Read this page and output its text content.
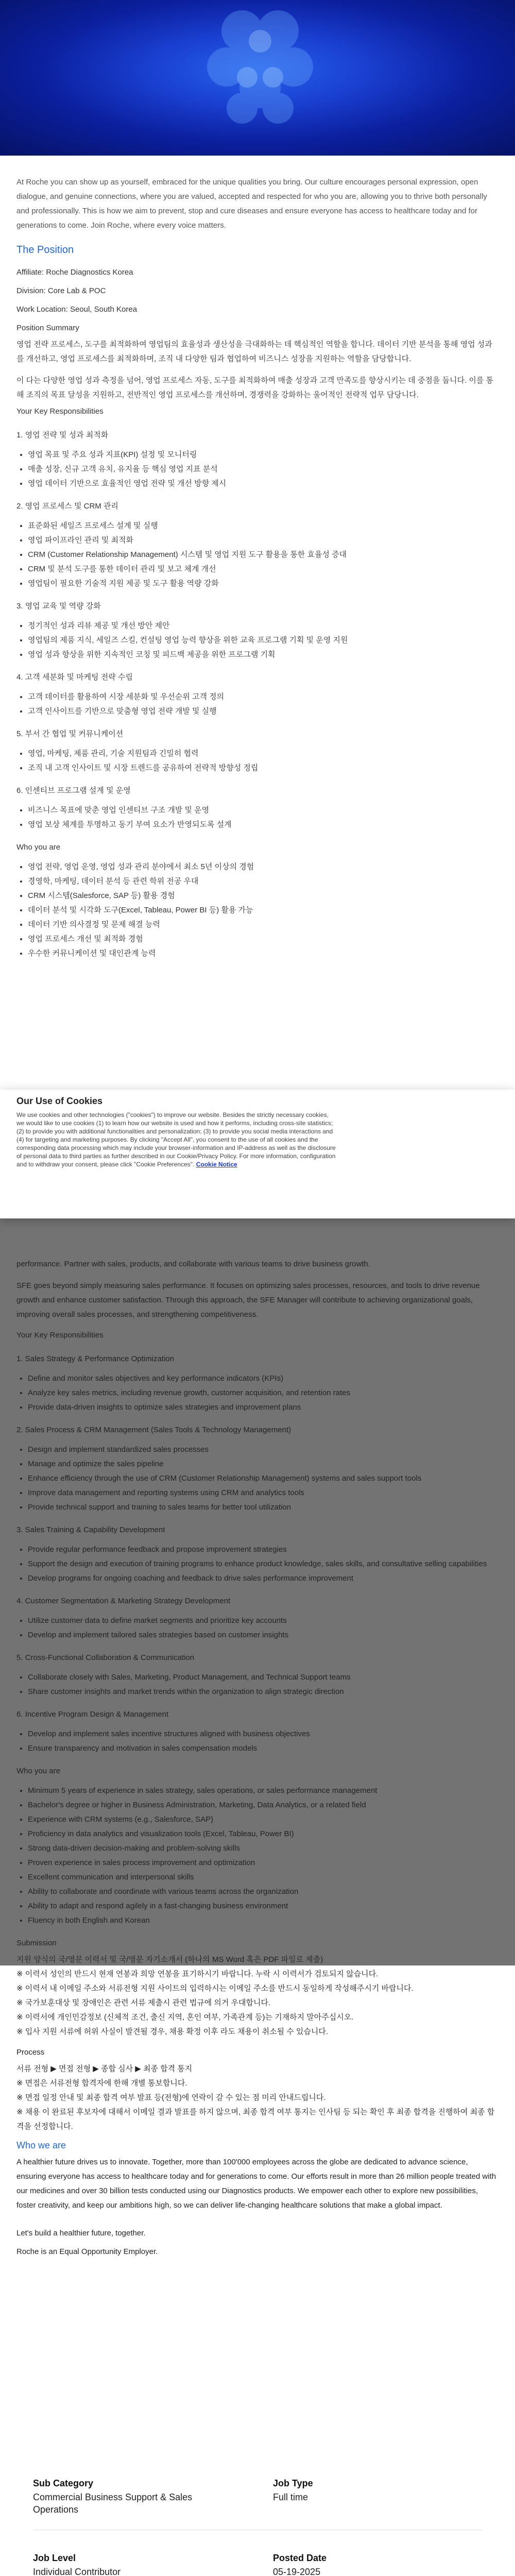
At Roche you can show up as yourself, embraced for the unique qualities you bring. Our culture encourages personal expression, open dialogue, and genuine connections, where you are valued, accepted and respected for who you are, allowing you to thrive both personally and professionally. This is how we aim to prevent, stop and cure diseases and ensure everyone has access to healthcare today and for generations to come. Join Roche, where every voice matters.

The Position
Affiliate: Roche Diagnostics Korea
Division: Core Lab & POC
Work Location: Seoul, South Korea
Position Summary

영업 전략 프로세스, 도구를 최적화하여 영업팀의 효율성과 생산성을 극대화하는 데 핵심적인 역할을 합니다. 데이터 기반 분석을 통해 영업 성과를 개선하고, 영업 프로세스를 최적화하며, 조직 내 다양한 팀과 협업하여 비즈니스 성장을 지원하는 역할을 담당합니다.

이 다는 다양한 영업 성과 측정을 넘어, 영업 프로세스 자동, 도구를 최적화하여 매출 성장과 고객 만족도를 향상시키는 데 중점을 둡니다. 이를 통해 조직의 목표 달성을 지원하고, 전반적인 영업 프로세스를 개선하며, 경쟁력을 강화하는 울어적인 전략적 업무 담당니다.

Your Key Responsibilities
1. 영업 전략 및 성과 최적화
• 영업 목표 및 주요 성과 지표(KPI) 설정 및 모니터링
• 매출 성장, 신규 고객 유치, 유지율 등 핵심 영업 지표 분석
• 영업 데이터 기반으로 효율적인 영업 전략 및 개선 방향 제시
2. 영업 프로세스 및 CRM 관리
• 표준화된 세일즈 프로세스 설계 및 실행
• 영업 파이프라인 관리 및 최적화
• CRM (Customer Relationship Management) 시스템 및 영업 지원 도구 활용을 통한 효율성 증대
• CRM 및 분석 도구를 통한 데이터 관리 및 보고 체계 개선
• 영업팀이 필요한 기술적 지원 제공 및 도구 활용 역량 강화
3. 영업 교육 및 역량 강화
• 정기적인 성과 리뷰 제공 및 개선 방안 제안
• 영업팀의 제품 지식, 세일즈 스킬, 컨설팅 영업 능력 향상을 위한 교육 프로그램 기획 및 운영 지원
• 영업 성과 향상을 위한 지속적인 코칭 및 피드백 제공을 위한 프로그램 기획
4. 고객 세분화 및 마케팅 전략 수립
• 고객 데이터를 활용하여 시장 세분화 및 우선순위 고객 정의
• 고객 인사이트를 기반으로 맞춤형 영업 전략 개발 및 실행
5. 부서 간 협업 및 커뮤니케이션
• 영업, 마케팅, 제품 관리, 기술 지원팀과 긴밀히 협력
• 조직 내 고객 인사이트 및 시장 트렌드를 공유하여 전략적 방향성 정립
6. 인센티브 프로그램 설계 및 운영
• 비즈니스 목표에 맞춘 영업 인센티브 구조 개발 및 운영
• 영업 보상 체계를 투명하고 동기 부여 요소가 반영되도록 설계
Who you are
• 영업 전략, 영업 운영, 영업 성과 관리 분야에서 최소 5년 이상의 경험
• 경영학, 마케팅, 데이터 분석 등 관련 학위 전공 우대
• CRM 시스템(Salesforce, SAP 등) 활용 경험
• 데이터 분석 및 시각화 도구(Excel, Tableau, Power BI 등) 활용 가능
• 데이터 기반 의사결정 및 문제 해결 능력
• 영업 프로세스 개선 및 최적화 경험
• 우수한 커뮤니케이션 및 대인관계 능력

performance. Partner with sales, products, and collaborate with various teams to drive business growth.

SFE goes beyond simply measuring sales performance. It focuses on optimizing sales processes, resources, and tools to drive revenue growth and enhance customer satisfaction. Through this approach, the SFE Manager will contribute to achieving organizational goals, improving overall sales processes, and strengthening competitiveness.

Your Key Responsibilities
1. Sales Strategy & Performance Optimization
• Define and monitor sales objectives and key performance indicators (KPIs)
• Analyze key sales metrics, including revenue growth, customer acquisition, and retention rates
• Provide data-driven insights to optimize sales strategies and improvement plans
2. Sales Process & CRM Management (Sales Tools & Technology Management)
• Design and implement standardized sales processes
• Manage and optimize the sales pipeline
• Enhance efficiency through the use of CRM (Customer Relationship Management) systems and sales support tools
• Improve data management and reporting systems using CRM and analytics tools
• Provide technical support and training to sales teams for better tool utilization
3. Sales Training & Capability Development
• Provide regular performance feedback and propose improvement strategies
• Support the design and execution of training programs to enhance product knowledge, sales skills, and consultative selling capabilities
• Develop programs for ongoing coaching and feedback to drive sales performance improvement
4. Customer Segmentation & Marketing Strategy Development
• Utilize customer data to define market segments and prioritize key accounts
• Develop and implement tailored sales strategies based on customer insights
5. Cross-Functional Collaboration & Communication
• Collaborate closely with Sales, Marketing, Product Management, and Technical Support teams
• Share customer insights and market trends within the organization to align strategic direction
6. Incentive Program Design & Management
• Develop and implement sales incentive structures aligned with business objectives
• Ensure transparency and motivation in sales compensation models
Who you are
• Minimum 5 years of experience in sales strategy, sales operations, or sales performance management
• Bachelor's degree or higher in Business Administration, Marketing, Data Analytics, or a related field
• Experience with CRM systems (e.g., Salesforce, SAP)
• Proficiency in data analytics and visualization tools (Excel, Tableau, Power BI)
• Strong data-driven decision-making and problem-solving skills
• Proven experience in sales process improvement and optimization
• Excellent communication and interpersonal skills
• Ability to collaborate and coordinate with various teams across the organization
• Ability to adapt and respond agilely in a fast-changing business environment
• Fluency in both English and Korean
Submission

지원 양식의 국/영문 이력서 및 국/영문 자기소개서 (하나의 MS Word 혹은 PDF 파일로 제출)

※ 이력서 성인의 반드시 현재 연봉과 희망 연봉을 표기하시기 바랍니다. 누락 시 이력서가 검토되지 않습니다.

※ 이력서 내 이메일 주소와 서류전형 지원 사이트의 입력하시는 이메일 주소를 반드시 동일하게 작성해주시기 바랍니다.

※ 국가보훈대상 및 장애인은 관련 서류 제출시 관련 법규에 의거 우대합니다.

※ 이력서에 개인민감정보 (신체적 조건, 출신 지역, 혼인 여부, 가족관계 등)는 기재하지 말아주십시오.

※ 입사 지원 서류에 허위 사실이 발견될 경우, 채용 확정 이후 라도 채용이 취소될 수 있습니다.

Process

서류 전형 ▶ 면접 전형 ▶ 종합 심사 ▶ 최종 합격 통지

※ 면접은 서류전형 합격자에 한해 개별 통보합니다.

※ 면접 일정 안내 및 최종 합격 여부 발표 등(전형)에 연락이 갈 수 있는 점 미리 안내드립니다.

※ 채용 이 완료된 후보자에 대해서 이메일 결과 발표를 하지 않으며, 최종 합격 여부 통지는 인사팀 등 되는 확인 후 최종 합격을 진행하여 최종 합격을 선정합니다.

Who we are

A healthier future drives us to innovate. Together, more than 100'000 employees across the globe are dedicated to advance science, ensuring everyone has access to healthcare today and for generations to come. Our efforts result in more than 26 million people treated with our medicines and over 30 billion tests conducted using our Diagnostics products. We empower each other to explore new possibilities, foster creativity, and keep our ambitions high, so we can deliver life-changing healthcare solutions that make a global impact.

Let's build a healthier future, together.

Roche is an Equal Opportunity Employer.

Our Use of Cookies

We use cookies and other technologies ("cookies") to improve our website. Besides the strictly necessary cookies, we would like to use cookies (1) to learn how our website is used and how it performs, including cross-site statistics; (2) to provide you with additional functionalities and personalization; (3) to provide you social media interactions and (4) for targeting and marketing purposes. By clicking "Accept All", you consent to the use of all cookies and the corresponding data processing which may include your browser-information and IP-address as well as the disclosure of personal data to third parties as further described in our Cookie/Privacy Policy. For more information, configuration and to withdraw your consent, please click "Cookie Preferences". Cookie Notice

Sub Category
Commercial Business Support & Sales Operations
Job Type
Full time
Job Level
Individual Contributor
Posted Date
05-19-2025
